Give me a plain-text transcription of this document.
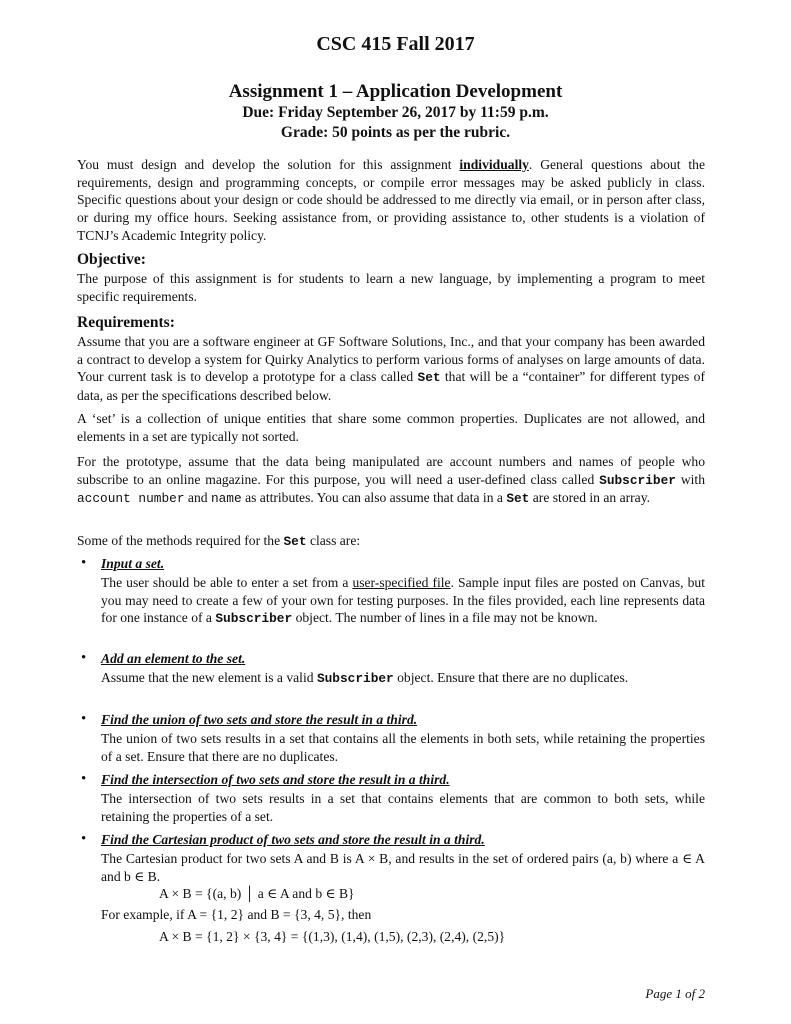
CSC 415 Fall 2017
Assignment 1 – Application Development
Due: Friday September 26, 2017 by 11:59 p.m.
Grade: 50 points as per the rubric.
You must design and develop the solution for this assignment individually. General questions about the requirements, design and programming concepts, or compile error messages may be asked publicly in class. Specific questions about your design or code should be addressed to me directly via email, or in person after class, or during my office hours. Seeking assistance from, or providing assistance to, other students is a violation of TCNJ’s Academic Integrity policy.
Objective:
The purpose of this assignment is for students to learn a new language, by implementing a program to meet specific requirements.
Requirements:
Assume that you are a software engineer at GF Software Solutions, Inc., and that your company has been awarded a contract to develop a system for Quirky Analytics to perform various forms of analyses on large amounts of data. Your current task is to develop a prototype for a class called Set that will be a “container” for different types of data, as per the specifications described below.
A ‘set’ is a collection of unique entities that share some common properties. Duplicates are not allowed, and elements in a set are typically not sorted.
For the prototype, assume that the data being manipulated are account numbers and names of people who subscribe to an online magazine. For this purpose, you will need a user-defined class called Subscriber with account number and name as attributes. You can also assume that data in a Set are stored in an array.
Some of the methods required for the Set class are:
• Input a set.
The user should be able to enter a set from a user-specified file. Sample input files are posted on Canvas, but you may need to create a few of your own for testing purposes. In the files provided, each line represents data for one instance of a Subscriber object. The number of lines in a file may not be known.
• Add an element to the set.
Assume that the new element is a valid Subscriber object. Ensure that there are no duplicates.
• Find the union of two sets and store the result in a third.
The union of two sets results in a set that contains all the elements in both sets, while retaining the properties of a set. Ensure that there are no duplicates.
• Find the intersection of two sets and store the result in a third.
The intersection of two sets results in a set that contains elements that are common to both sets, while retaining the properties of a set.
• Find the Cartesian product of two sets and store the result in a third.
The Cartesian product for two sets A and B is A × B, and results in the set of ordered pairs (a, b) where a ∈ A and b ∈ B.
A × B = {(a, b) │ a ∈ A and b ∈ B}
For example, if A = {1, 2} and B = {3, 4, 5}, then
A × B = {1, 2} × {3, 4} = {(1,3), (1,4), (1,5), (2,3), (2,4), (2,5)}
Page 1 of 2
